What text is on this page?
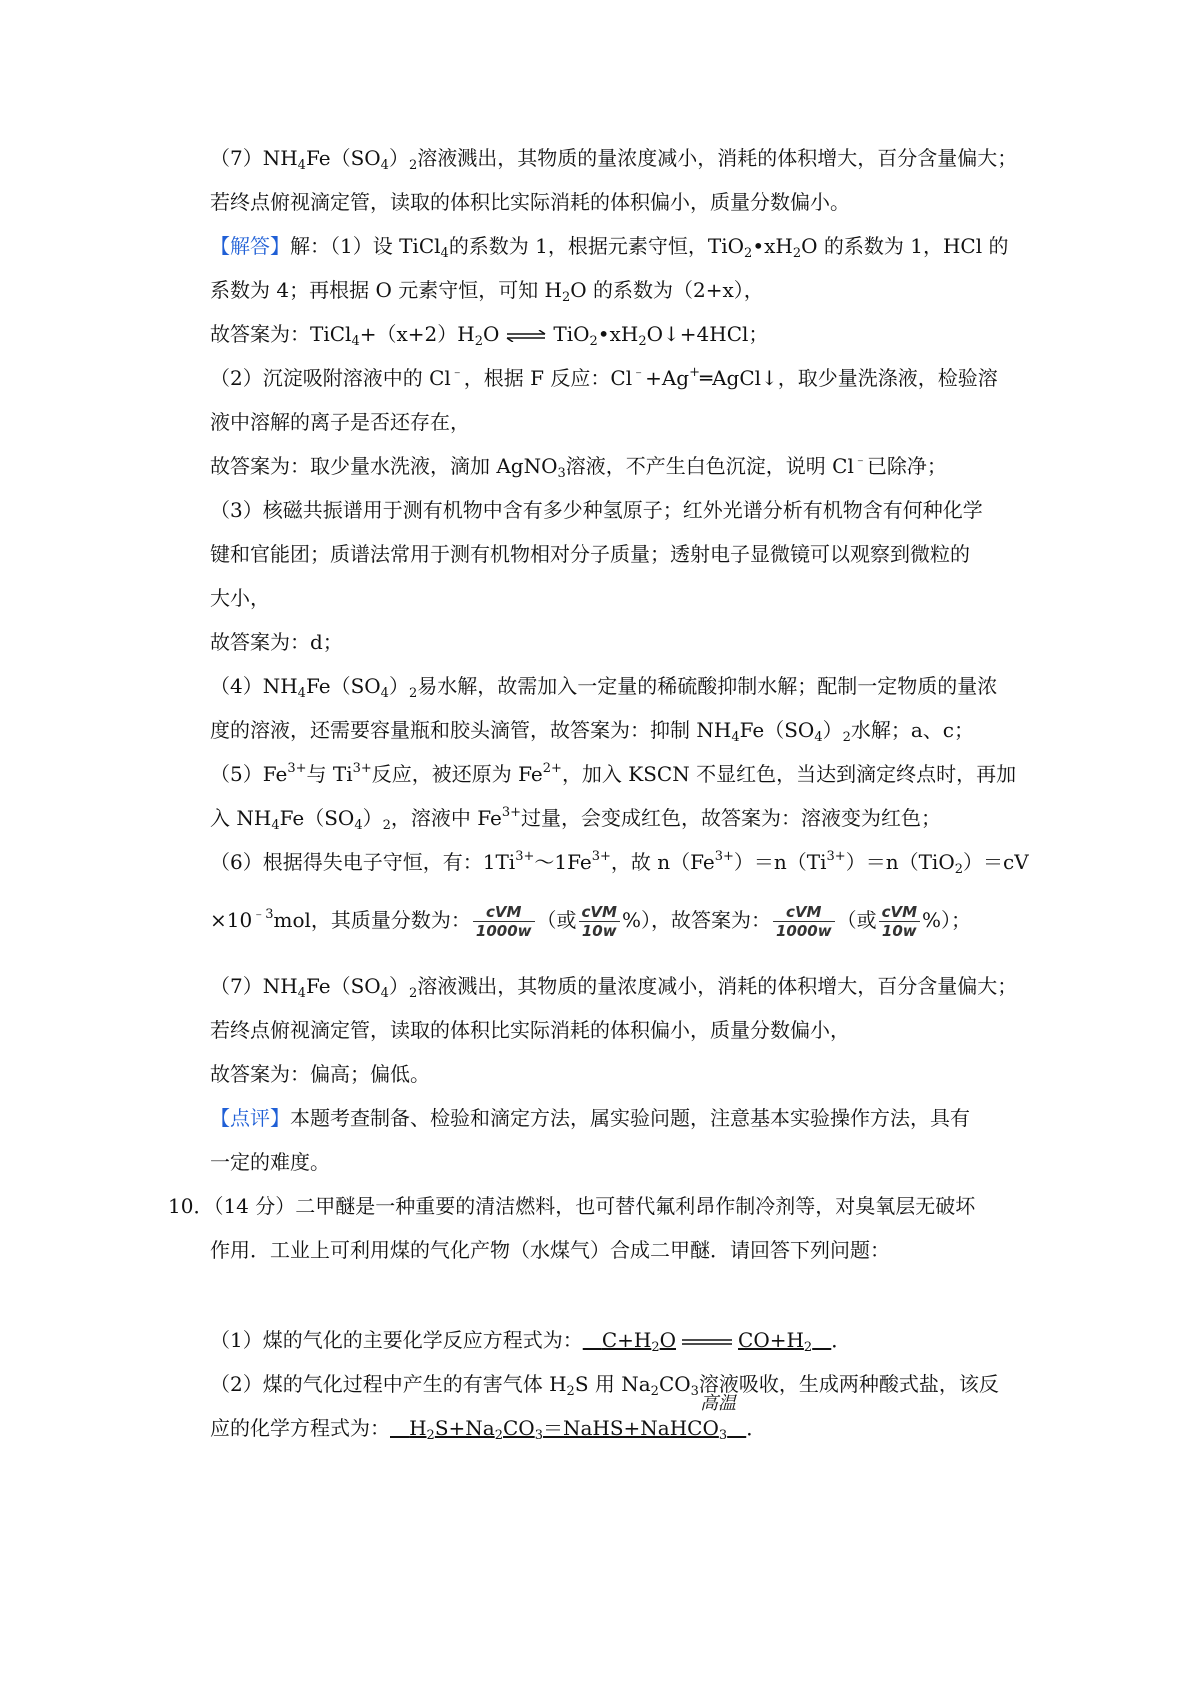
$(7)NH_4Fe(SO_4)_2$溶液溅出，其物质的量浓度减小，消耗的体积增大，百分含量偏大；
若终点俯视滴定管，读取的体积比实际消耗的体积偏小，质量分数偏小。
【解答】解：（1）设 TiCl$_4$的系数为 1，根据元素守恒，$TiO_2•xH_2O$ 的系数为 1，HCl 的
系数为 4；再根据 O 元素守恒，可知 $H_2O$ 的系数为（2+x），
故答案为：$TiCl_4+(x+2)H_2O$ ⇌ $TiO_2•xH_2O↓+4HCl$；
（2）沉淀吸附溶液中的 Cl﹣，根据 F 反应：Cl﹣+Ag+═AgCl↓，取少量洗涤液，检验溶
液中溶解的离子是否还存在，
故答案为：取少量水洗液，滴加 AgNO$_3$溶液，不产生白色沉淀，说明 Cl﹣已除净；
（3）核磁共振谱用于测有机物中含有多少种氢原子；红外光谱分析有机物含有何种化学
键和官能团；质谱法常用于测有机物相对分子质量；透射电子显微镜可以观察到微粒的
大小，
故答案为：d；
$(4)NH_4Fe(SO_4)_2$易水解，故需加入一定量的稀硫酸抑制水解；配制一定物质的量浓
度的溶液，还需要容量瓶和胶头滴管，故答案为：抑制 $NH_4Fe(SO_4)_2$水解；a、c；
$(5)Fe^{3+}$与 $Ti^{3+}$反应，被还原为 $Fe^{2+}$，加入 KSCN 不显红色，当达到滴定终点时，再加
入 $NH_4Fe(SO_4)_2$，溶液中 $Fe^{3+}$过量，会变成红色，故答案为：溶液变为红色；
（6）根据得失电子守恒，有：$1Ti^{3+}\sim 1Fe^{3+}$，故 $n(Fe^{3+})=n(Ti^{3+})=n(TiO_2)=cV$
$\times 10^{﹣3}mol$，其质量分数为： $\frac{\text{cVM}}{1000w}$ （或 $\frac{\text{cVM}}{10w}$ %），故答案为： $\frac{\text{cVM}}{1000w}$ （或 $\frac{\text{cVM}}{10w}$ %）；
$(7)NH_4Fe(SO_4)_2$溶液溅出，其物质的量浓度减小，消耗的体积增大，百分含量偏大；
若终点俯视滴定管，读取的体积比实际消耗的体积偏小，质量分数偏小，
故答案为：偏高；偏低。
【点评】本题考查制备、检验和滴定方法，属实验问题，注意基本实验操作方法，具有
一定的难度。
10．（14 分）二甲醚是一种重要的清洁燃料，也可替代氟利昂作制冷剂等，对臭氧层无破坏
作用．工业上可利用煤的气化产物（水煤气）合成二甲醚．请回答下列问题：
高温
（1）煤的气化的主要化学反应方程式为： $C+H_2O$	$CO+H_2$ ．
（2）煤的气化过程中产生的有害气体 $H_2S$ 用 $Na_2CO_3$溶液吸收，生成两种酸式盐，该反
应的化学方程式为： $H_2S+Na_2CO_3=NaHS+NaHCO_3$ ．
